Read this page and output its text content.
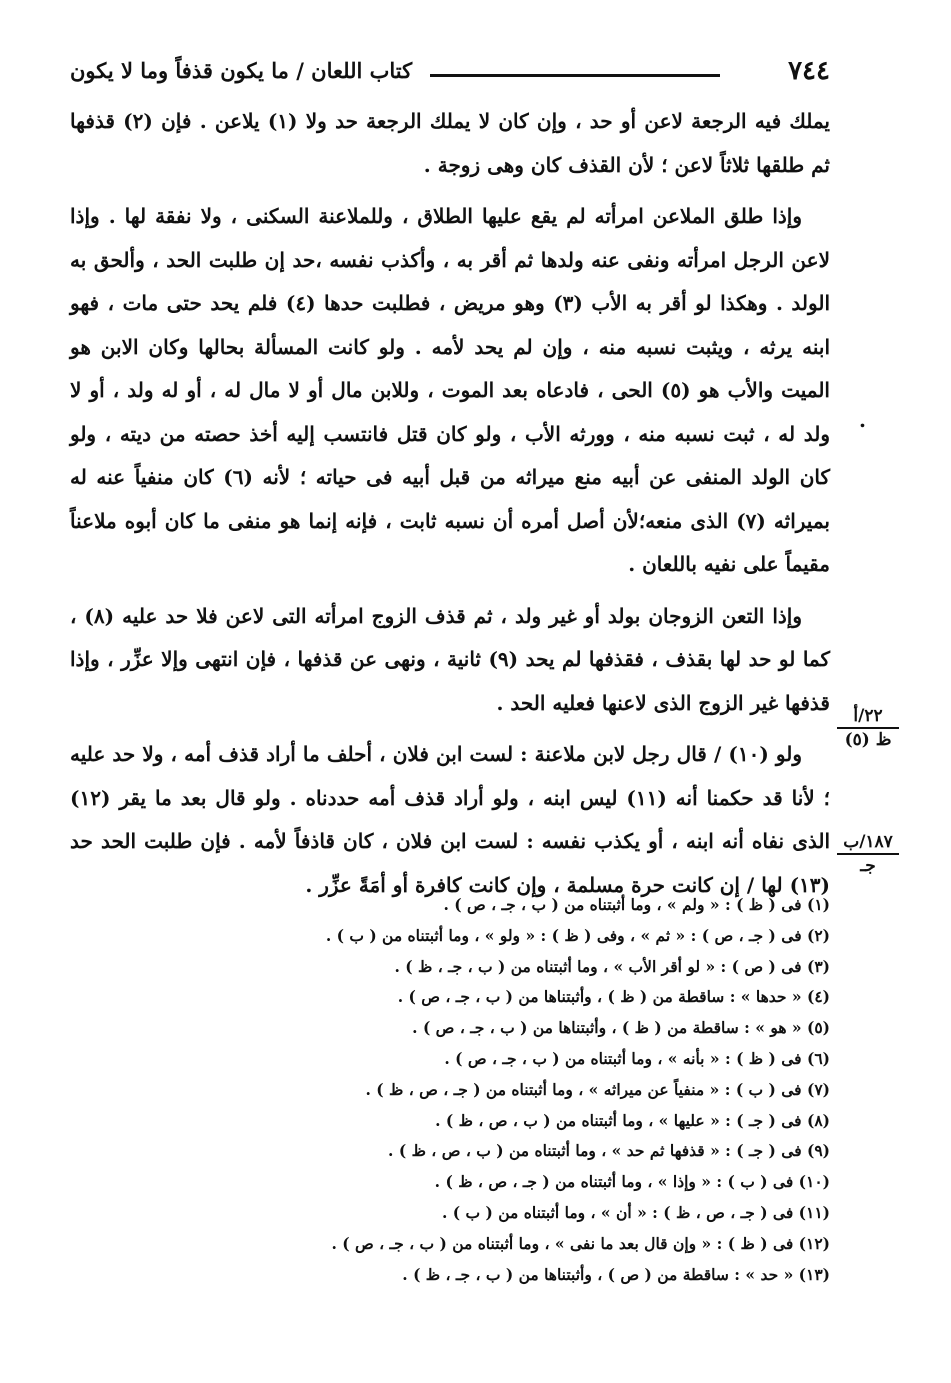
٧٤٤
كتاب اللعان / ما يكون قذفاً وما لا يكون

يملك فيه الرجعة لاعن أو حد ، وإن كان لا يملك الرجعة حد ولا (١) يلاعن . فإن (٢) قذفها ثم طلقها ثلاثاً لاعن ؛ لأن القذف كان وهى زوجة .

وإذا طلق الملاعن امرأته لم يقع عليها الطلاق ، وللملاعنة السكنى ، ولا نفقة لها . وإذا لاعن الرجل امرأته ونفى عنه ولدها ثم أقر به ، وأكذب نفسه ،حد إن طلبت الحد ، وألحق به الولد . وهكذا لو أقر به الأب (٣) وهو مريض ، فطلبت حدها (٤) فلم يحد حتى مات ، فهو ابنه يرثه ، ويثبت نسبه منه ، وإن لم يحد لأمه . ولو كانت المسألة بحالها وكان الابن هو الميت والأب هو (٥) الحى ، فادعاه بعد الموت ، وللابن مال أو لا مال له ، أو له ولد ، أو لا ولد له ، ثبت نسبه منه ، وورثه الأب ، ولو كان قتل فانتسب إليه أخذ حصته من ديته ، ولو كان الولد المنفى عن أبيه منع ميراثه من قبل أبيه فى حياته ؛ لأنه (٦) كان منفياً عنه له بميراثه (٧) الذى منعه؛لأن أصل أمره أن نسبه ثابت ، فإنه إنما هو منفى ما كان أبوه ملاعناً مقيماً على نفيه باللعان .

وإذا التعن الزوجان بولد أو غير ولد ، ثم قذف الزوج امرأته التى لاعن فلا حد عليه (٨) ، كما لو حد لها بقذف ، فقذفها لم يحد (٩) ثانية ، ونهى عن قذفها ، فإن انتهى وإلا عزِّر ، وإذا قذفها غير الزوج الذى لاعنها فعليه الحد .

ولو (١٠) / قال رجل لابن ملاعنة : لست ابن فلان ، أحلف ما أراد قذف أمه ، ولا حد عليه ؛ لأنا قد حكمنا أنه (١١) ليس ابنه ، ولو أراد قذف أمه حددناه . ولو قال بعد ما يقر (١٢) الذى نفاه أنه ابنه ، أو يكذب نفسه : لست ابن فلان ، كان قاذفاً لأمه . فإن طلبت الحد حد (١٣) لها / إن كانت حرة مسلمة ، وإن كانت كافرة أو أمَةً عزِّر .

.
٢٢/أ
ظ (٥)
١٨٧/ب
جـ
(١) فى ( ظ ) : « ولم » ، وما أثبتناه من ( ب ، جـ ، ص ) .
(٢) فى ( جـ ، ص ) : « ثم » ، وفى ( ظ ) : « ولو » ، وما أثبتناه من ( ب ) .
(٣) فى ( ص ) : « لو أقر الأب » ، وما أثبتناه من ( ب ، جـ ، ظ ) .
(٤) « حدها » : ساقطة من ( ظ ) ، وأثبتناها من ( ب ، جـ ، ص ) .
(٥) « هو » : ساقطة من ( ظ ) ، وأثبتناها من ( ب ، جـ ، ص ) .
(٦) فى ( ظ ) : « بأنه » ، وما أثبتناه من ( ب ، جـ ، ص ) .
(٧) فى ( ب ) : « منفياً عن ميراثه » ، وما أثبتناه من ( جـ ، ص ، ظ ) .
(٨) فى ( جـ ) : « عليها » ، وما أثبتناه من ( ب ، ص ، ظ ) .
(٩) فى ( جـ ) : « قذفها ثم حد » ، وما أثبتناه من ( ب ، ص ، ظ ) .
(١٠) فى ( ب ) : « وإذا » ، وما أثبتناه من ( جـ ، ص ، ظ ) .
(١١) فى ( جـ ، ص ، ظ ) : « أن » ، وما أثبتناه من ( ب ) .
(١٢) فى ( ظ ) : « وإن قال بعد ما نفى » ، وما أثبتناه من ( ب ، جـ ، ص ) .
(١٣) « حد » : ساقطة من ( ص ) ، وأثبتناها من ( ب ، جـ ، ظ ) .
